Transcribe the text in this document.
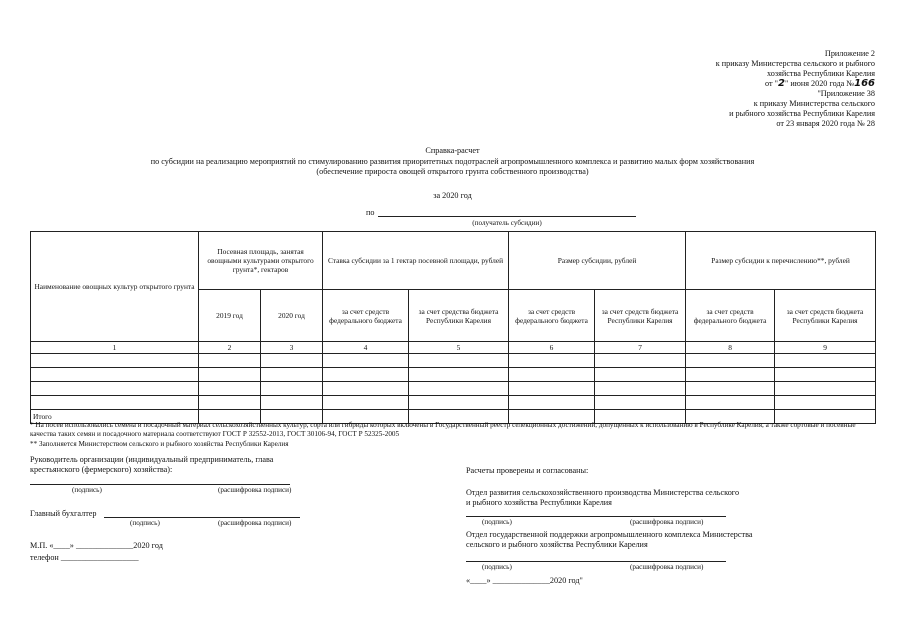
Приложение 2
к приказу Министерства сельского и рыбного
хозяйства Республики Карелия
от "2" июня 2020 года №166
"Приложение 38
к приказу Министерства сельского
и рыбного хозяйства Республики Карелия
от 23 января 2020 года № 28
Справка-расчет
по субсидии на реализацию мероприятий по стимулированию развития приоритетных подотраслей агропромышленного комплекса и развитию малых форм хозяйствования
(обеспечение прироста овощей открытого грунта собственного производства)
за 2020 год
по
(получатель субсидии)
Наименование овощных культур открытого грунта	Посевная площадь, занятая овощными культурами открытого грунта*, гектаров		Ставка субсидии за 1 гектар посевной площади, рублей		Размер субсидии, рублей		Размер субсидии к перечислению**, рублей	
	2019 год	2020 год	за счет средств федерального бюджета	за счет средства бюджета Республики Карелия	за счет средств федерального бюджета	за счет средств бюджета Республики Карелия	за счет средств федерального бюджета	за счет средств бюджета Республики Карелия
1	2	3	4	5	6	7	8	9

Итого								
* На посев использовались семена и посадочный материал сельскохозяйственных культур, сорта или гибриды которых включены в Государственный реестр селекционных достижений, допущенных к использованию в Республике Карелия, а также сортовые и посевные качества таких семян и посадочного материала соответствуют ГОСТ Р 32552-2013, ГОСТ 30106-94, ГОСТ Р 52325-2005
** Заполняется Министерством сельского и рыбного хозяйства Республики Карелия
Руководитель организации (индивидуальный предприниматель, глава
крестьянского (фермерского) хозяйства):
(подпись)	(расшифровка подписи)
Главный бухгалтер
(подпись)	(расшифровка подписи)
М.П. «____» ______________2020 год
телефон ___________________
Расчеты проверены и согласованы:
Отдел развития сельскохозяйственного производства Министерства сельского
и рыбного хозяйства Республики Карелия
(подпись)	(расшифровка подписи)
Отдел государственной поддержки агропромышленного комплекса Министерства
сельского и рыбного хозяйства Республики Карелия
(подпись)	(расшифровка подписи)
«____» ______________2020 год"
